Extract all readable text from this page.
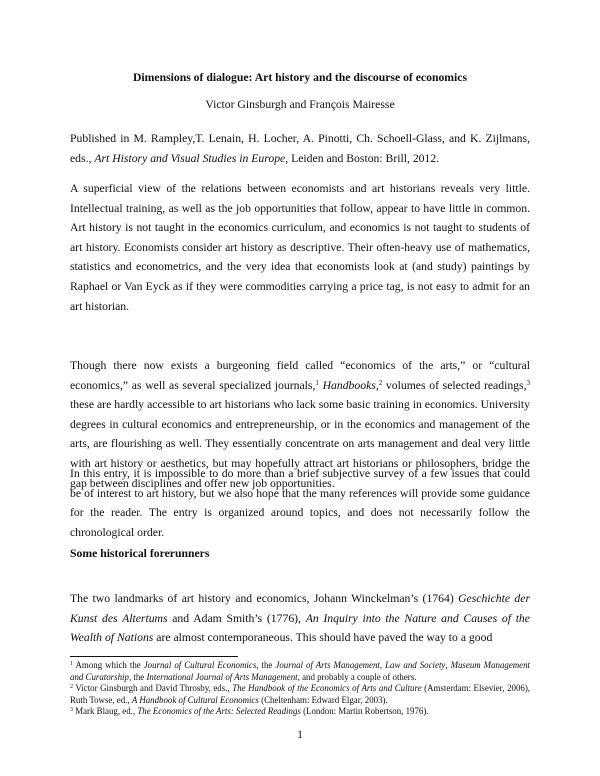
Dimensions of dialogue: Art history and the discourse of economics
Victor Ginsburgh and François Mairesse
Published in M. Rampley,T. Lenain, H. Locher, A. Pinotti, Ch. Schoell-Glass, and K. Zijlmans, eds., Art History and Visual Studies in Europe, Leiden and Boston: Brill, 2012.
A superficial view of the relations between economists and art historians reveals very little. Intellectual training, as well as the job opportunities that follow, appear to have little in common. Art history is not taught in the economics curriculum, and economics is not taught to students of art history. Economists consider art history as descriptive. Their often-heavy use of mathematics, statistics and econometrics, and the very idea that economists look at (and study) paintings by Raphael or Van Eyck as if they were commodities carrying a price tag, is not easy to admit for an art historian.
Though there now exists a burgeoning field called “economics of the arts,” or “cultural economics,” as well as several specialized journals,$^1$ Handbooks,$^2$ volumes of selected readings,$^3$ these are hardly accessible to art historians who lack some basic training in economics. University degrees in cultural economics and entrepreneurship, or in the economics and management of the arts, are flourishing as well. They essentially concentrate on arts management and deal very little with art history or aesthetics, but may hopefully attract art historians or philosophers, bridge the gap between disciplines and offer new job opportunities.
In this entry, it is impossible to do more than a brief subjective survey of a few issues that could be of interest to art history, but we also hope that the many references will provide some guidance for the reader. The entry is organized around topics, and does not necessarily follow the chronological order.
Some historical forerunners
The two landmarks of art history and economics, Johann Winckelman’s (1764) Geschichte der Kunst des Altertums and Adam Smith’s (1776), An Inquiry into the Nature and Causes of the Wealth of Nations are almost contemporaneous. This should have paved the way to a good
$^1$ Among which the Journal of Cultural Economics, the Journal of Arts Management, Law and Society, Museum Management and Curatorship, the International Journal of Arts Management, and probably a couple of others.
$^2$ Victor Ginsburgh and David Throsby, eds., The Handbook of the Economics of Arts and Culture (Amsterdam: Elsevier, 2006), Ruth Towse, ed., A Handbook of Cultural Economics (Cheltenham: Edward Elgar, 2003).
$^3$ Mark Blaug, ed., The Economics of the Arts: Selected Readings (London: Martin Robertson, 1976).
1
